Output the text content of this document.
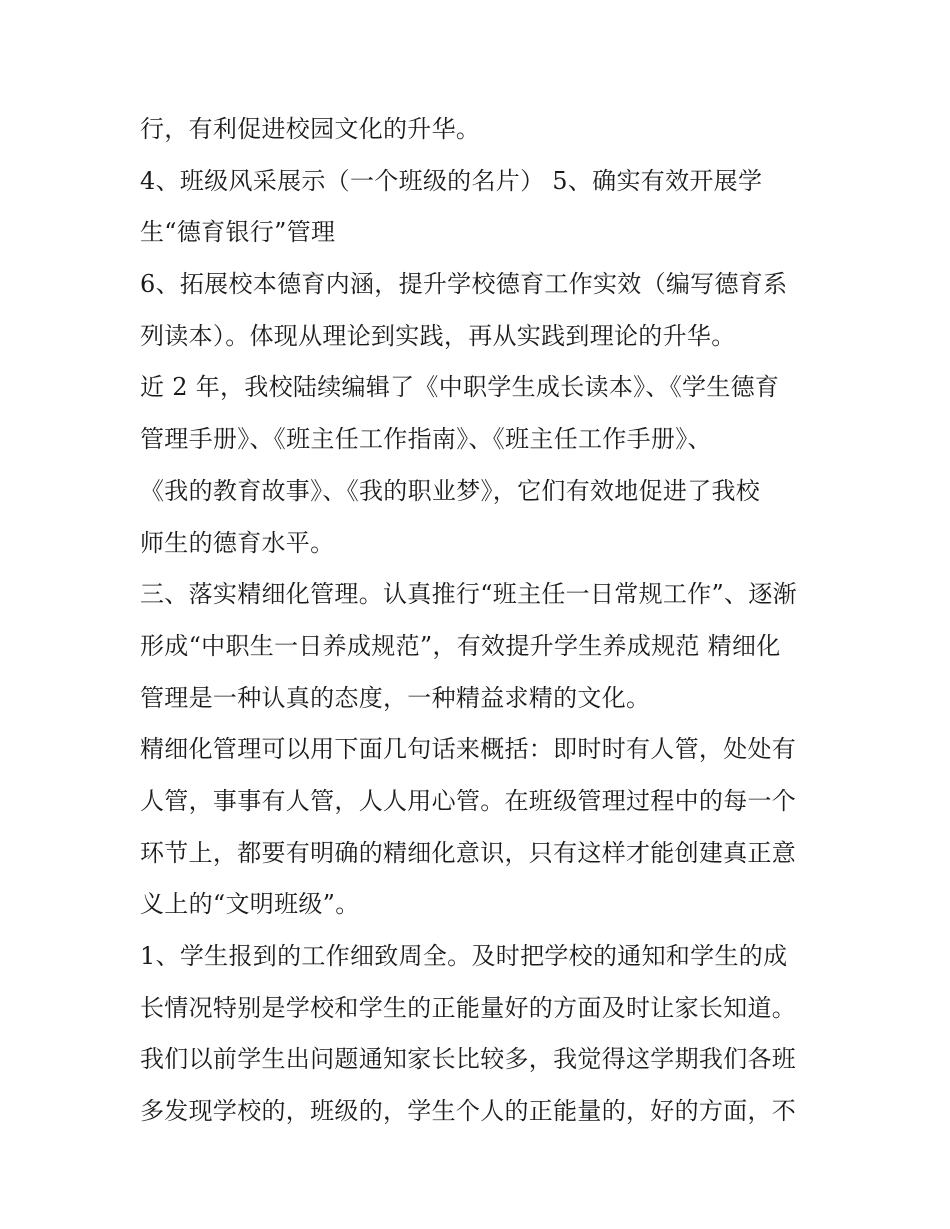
行，有利促进校园文化的升华。
4、班级风采展示（一个班级的名片） 5、确实有效开展学
生“德育银行”管理
6、拓展校本德育内涵，提升学校德育工作实效（编写德育系
列读本）。体现从理论到实践，再从实践到理论的升华。
近 2 年，我校陆续编辑了《中职学生成长读本》、《学生德育
管理手册》、《班主任工作指南》、《班主任工作手册》、
《我的教育故事》、《我的职业梦》，它们有效地促进了我校
师生的德育水平。
三、落实精细化管理。认真推行“班主任一日常规工作”、逐渐
形成“中职生一日养成规范”，有效提升学生养成规范 精细化
管理是一种认真的态度，一种精益求精的文化。
精细化管理可以用下面几句话来概括：即时时有人管，处处有
人管，事事有人管，人人用心管。在班级管理过程中的每一个
环节上，都要有明确的精细化意识，只有这样才能创建真正意
义上的“文明班级”。
1、学生报到的工作细致周全。及时把学校的通知和学生的成
长情况特别是学校和学生的正能量好的方面及时让家长知道。
我们以前学生出问题通知家长比较多，我觉得这学期我们各班
多发现学校的，班级的，学生个人的正能量的，好的方面，不
